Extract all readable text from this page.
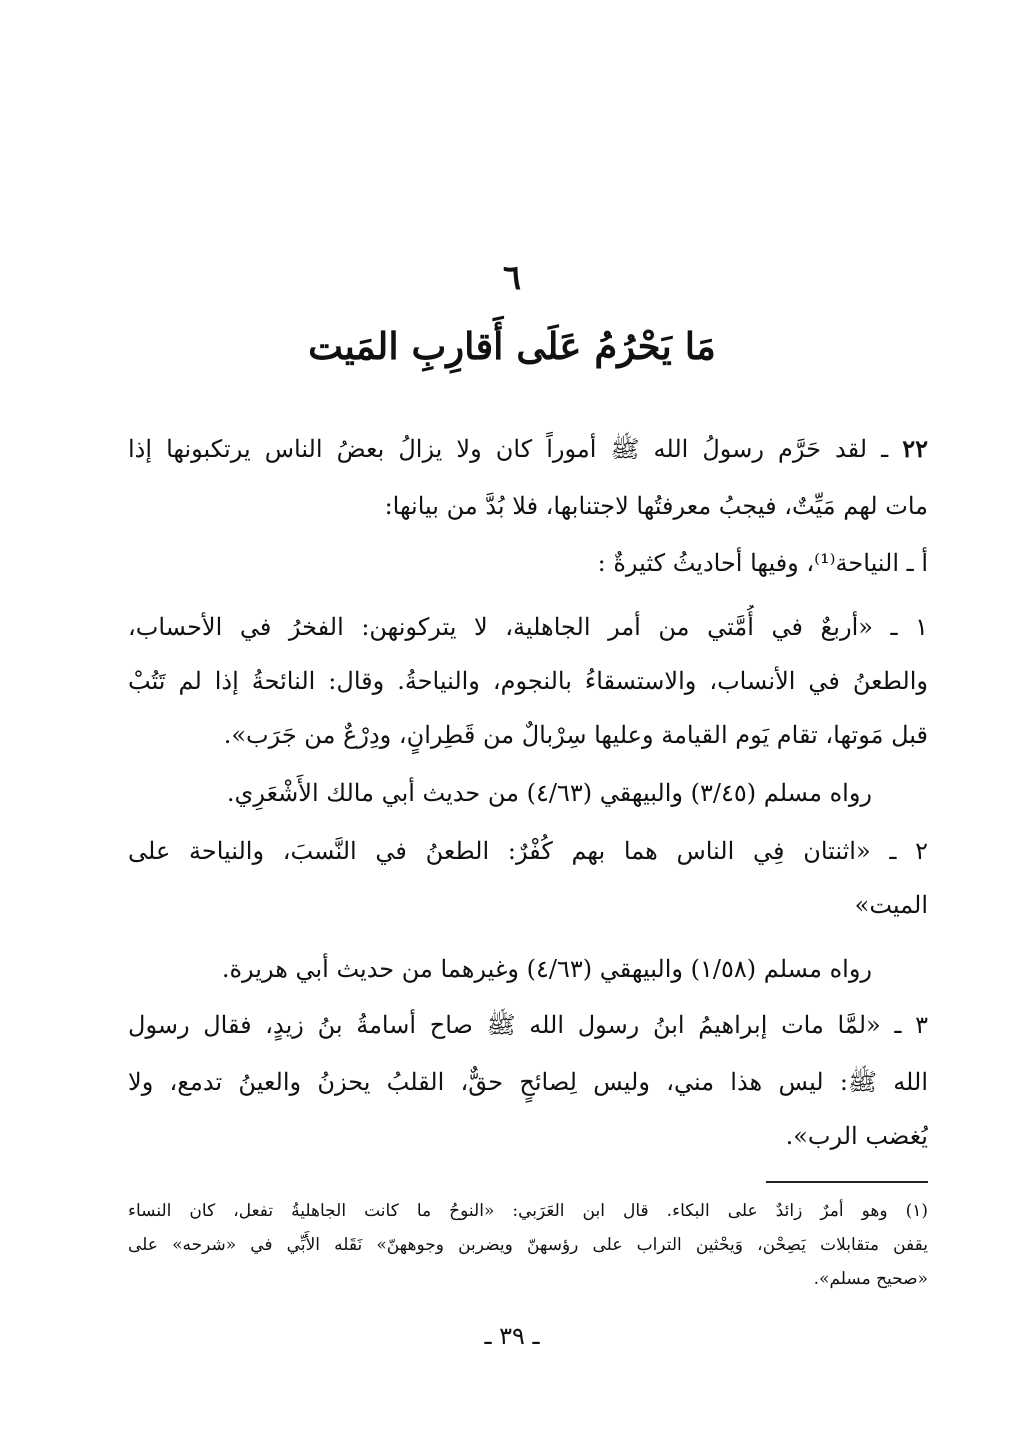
٦
مَا يَحْرُمُ عَلَى أَقارِبِ المَيت
٢٢ ـ لقد حَرَّم رسولُ الله ﷺ أموراً كان ولا يزالُ بعضُ الناس يرتكبونها إذا
مات لهم مَيِّتٌ، فيجبُ معرفتُها لاجتنابها، فلا بُدَّ من بيانها:
أ ـ النياحة⁽¹⁾، وفيها أحاديثُ كثيرةٌ :
١ ـ «أربعٌ في أُمَّتي من أمر الجاهلية، لا يتركونهن: الفخرُ في الأحساب،
والطعنُ في الأنساب، والاستسقاءُ بالنجوم، والنياحةُ. وقال: النائحةُ إذا لم تَتُبْ
قبل مَوتها، تقام يَوم القيامة وعليها سِرْبالٌ من قَطِرانٍ، ودِرْعٌ من جَرَب».
رواه مسلم (٣/٤٥) والبيهقي (٤/٦٣) من حديث أبي مالك الأَشْعَرِي.
٢ ـ «اثنتان فِي الناس هما بهم كُفْرٌ: الطعنُ في النَّسبَ، والنياحة على
الميت»
رواه مسلم (١/٥٨) والبيهقي (٤/٦٣) وغيرهما من حديث أبي هريرة.
٣ ـ «لمَّا مات إبراهيمُ ابنُ رسول الله ﷺ صاح أسامةُ بنُ زيدٍ، فقال رسول
الله ﷺ: ليس هذا مني، وليس لِصائحٍ حقٌّ، القلبُ يحزنُ والعينُ تدمع، ولا
يُغضب الرب».
(١) وهو أمرٌ زائدٌ على البكاء. قال ابن العَرَبي: «النوحُ ما كانت الجاهليةُ تفعل، كان النساء
يقفن متقابلات يَصِحْن، وَيحْثين التراب على رؤسهنّ ويضربن وجوههنّ» نَقَله الأَبِّي في «شرحه» على
«صحيح مسلم».
ـ ٣٩ ـ
